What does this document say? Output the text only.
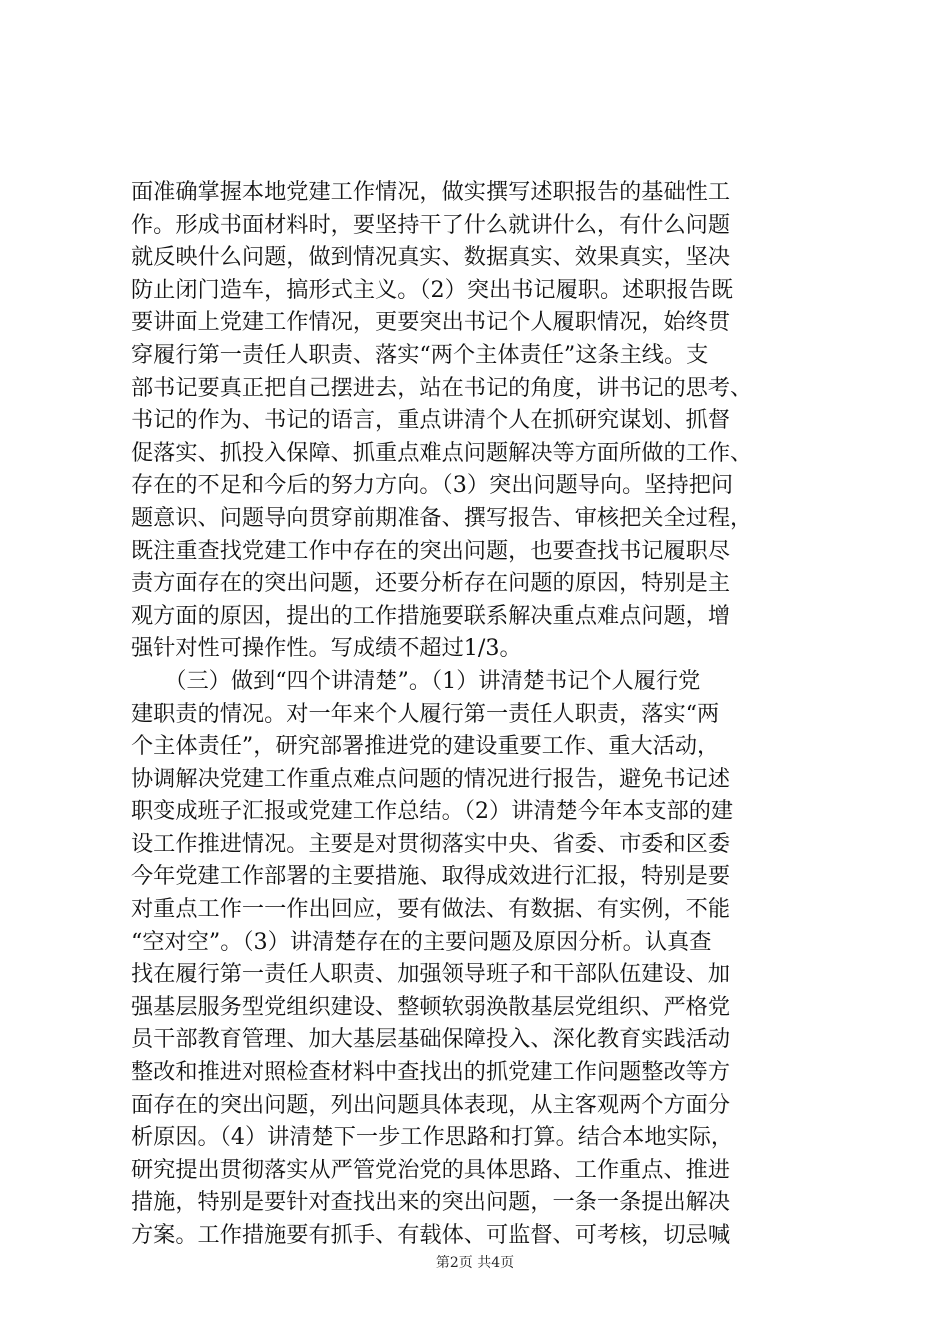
面准确掌握本地党建工作情况，做实撰写述职报告的基础性工
作。形成书面材料时，要坚持干了什么就讲什么，有什么问题
就反映什么问题，做到情况真实、数据真实、效果真实，坚决
防止闭门造车，搞形式主义。（2）突出书记履职。述职报告既
要讲面上党建工作情况，更要突出书记个人履职情况，始终贯
穿履行第一责任人职责、落实“两个主体责任”这条主线。支
部书记要真正把自己摆进去，站在书记的角度，讲书记的思考、
书记的作为、书记的语言，重点讲清个人在抓研究谋划、抓督
促落实、抓投入保障、抓重点难点问题解决等方面所做的工作、
存在的不足和今后的努力方向。（3）突出问题导向。坚持把问
题意识、问题导向贯穿前期准备、撰写报告、审核把关全过程，
既注重查找党建工作中存在的突出问题，也要查找书记履职尽
责方面存在的突出问题，还要分析存在问题的原因，特别是主
观方面的原因，提出的工作措施要联系解决重点难点问题，增
强针对性可操作性。写成绩不超过1/3。
　　（三）做到“四个讲清楚”。（1）讲清楚书记个人履行党
建职责的情况。对一年来个人履行第一责任人职责，落实“两
个主体责任”，研究部署推进党的建设重要工作、重大活动，
协调解决党建工作重点难点问题的情况进行报告，避免书记述
职变成班子汇报或党建工作总结。（2）讲清楚今年本支部的建
设工作推进情况。主要是对贯彻落实中央、省委、市委和区委
今年党建工作部署的主要措施、取得成效进行汇报，特别是要
对重点工作一一作出回应，要有做法、有数据、有实例，不能
“空对空”。（3）讲清楚存在的主要问题及原因分析。认真查
找在履行第一责任人职责、加强领导班子和干部队伍建设、加
强基层服务型党组织建设、整顿软弱涣散基层党组织、严格党
员干部教育管理、加大基层基础保障投入、深化教育实践活动
整改和推进对照检查材料中查找出的抓党建工作问题整改等方
面存在的突出问题，列出问题具体表现，从主客观两个方面分
析原因。（4）讲清楚下一步工作思路和打算。结合本地实际，
研究提出贯彻落实从严管党治党的具体思路、工作重点、推进
措施，特别是要针对查找出来的突出问题，一条一条提出解决
方案。工作措施要有抓手、有载体、可监督、可考核，切忌喊
第2页 共4页
